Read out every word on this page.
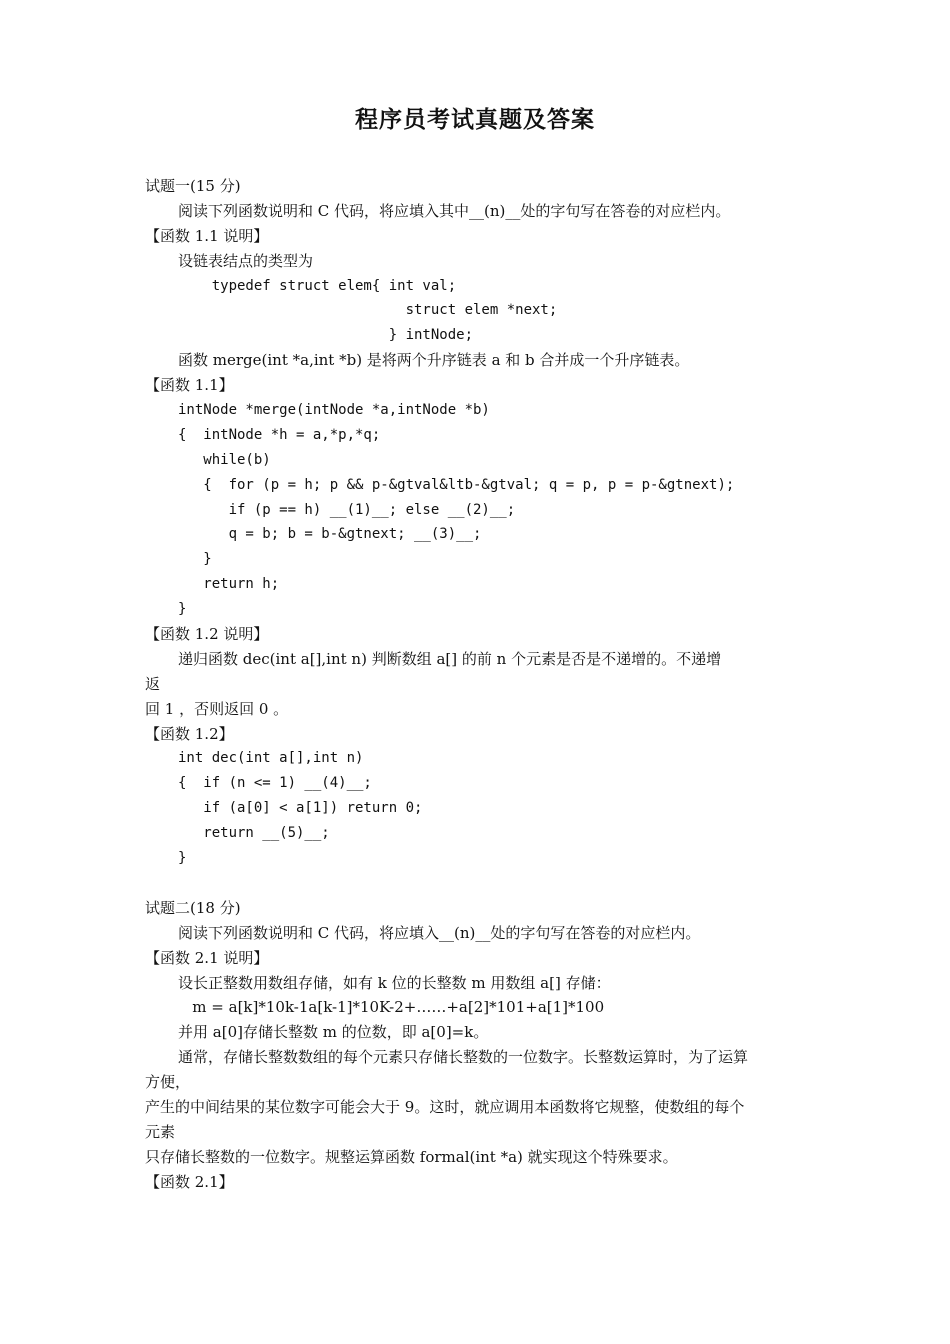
程序员考试真题及答案
试题一(15 分)
阅读下列函数说明和 C 代码，将应填入其中__(n)__处的字句写在答卷的对应栏内。
【函数 1.1 说明】
设链表结点的类型为
typedef struct elem{ int val;
struct elem *next;
} intNode;
函数 merge(int *a,int *b) 是将两个升序链表 a 和 b 合并成一个升序链表。
【函数 1.1】
intNode *merge(intNode *a,intNode *b)
{  intNode *h = a,*p,*q;
while(b)
{  for (p = h; p && p-&gtval&ltb-&gtval; q = p, p = p-&gtnext);
if (p == h) __(1)__; else __(2)__;
q = b; b = b-&gtnext; __(3)__;
}
return h;
}
【函数 1.2 说明】
递归函数 dec(int a[],int n) 判断数组 a[] 的前 n 个元素是否是不递增的。不递增
返
回 1 ，否则返回 0 。
【函数 1.2】
int dec(int a[],int n)
{  if (n <= 1) __(4)__;
if (a[0] < a[1]) return 0;
return __(5)__;
}
试题二(18 分)
阅读下列函数说明和 C 代码，将应填入__(n)__处的字句写在答卷的对应栏内。
【函数 2.1 说明】
设长正整数用数组存储，如有 k 位的长整数 m 用数组 a[] 存储：
m = a[k]*10k-1a[k-1]*10K-2+……+a[2]*101+a[1]*100
并用 a[0]存储长整数 m 的位数，即 a[0]=k。
通常，存储长整数数组的每个元素只存储长整数的一位数字。长整数运算时，为了运算
方便，
产生的中间结果的某位数字可能会大于 9。这时，就应调用本函数将它规整，使数组的每个
元素
只存储长整数的一位数字。规整运算函数 formal(int *a) 就实现这个特殊要求。
【函数 2.1】
